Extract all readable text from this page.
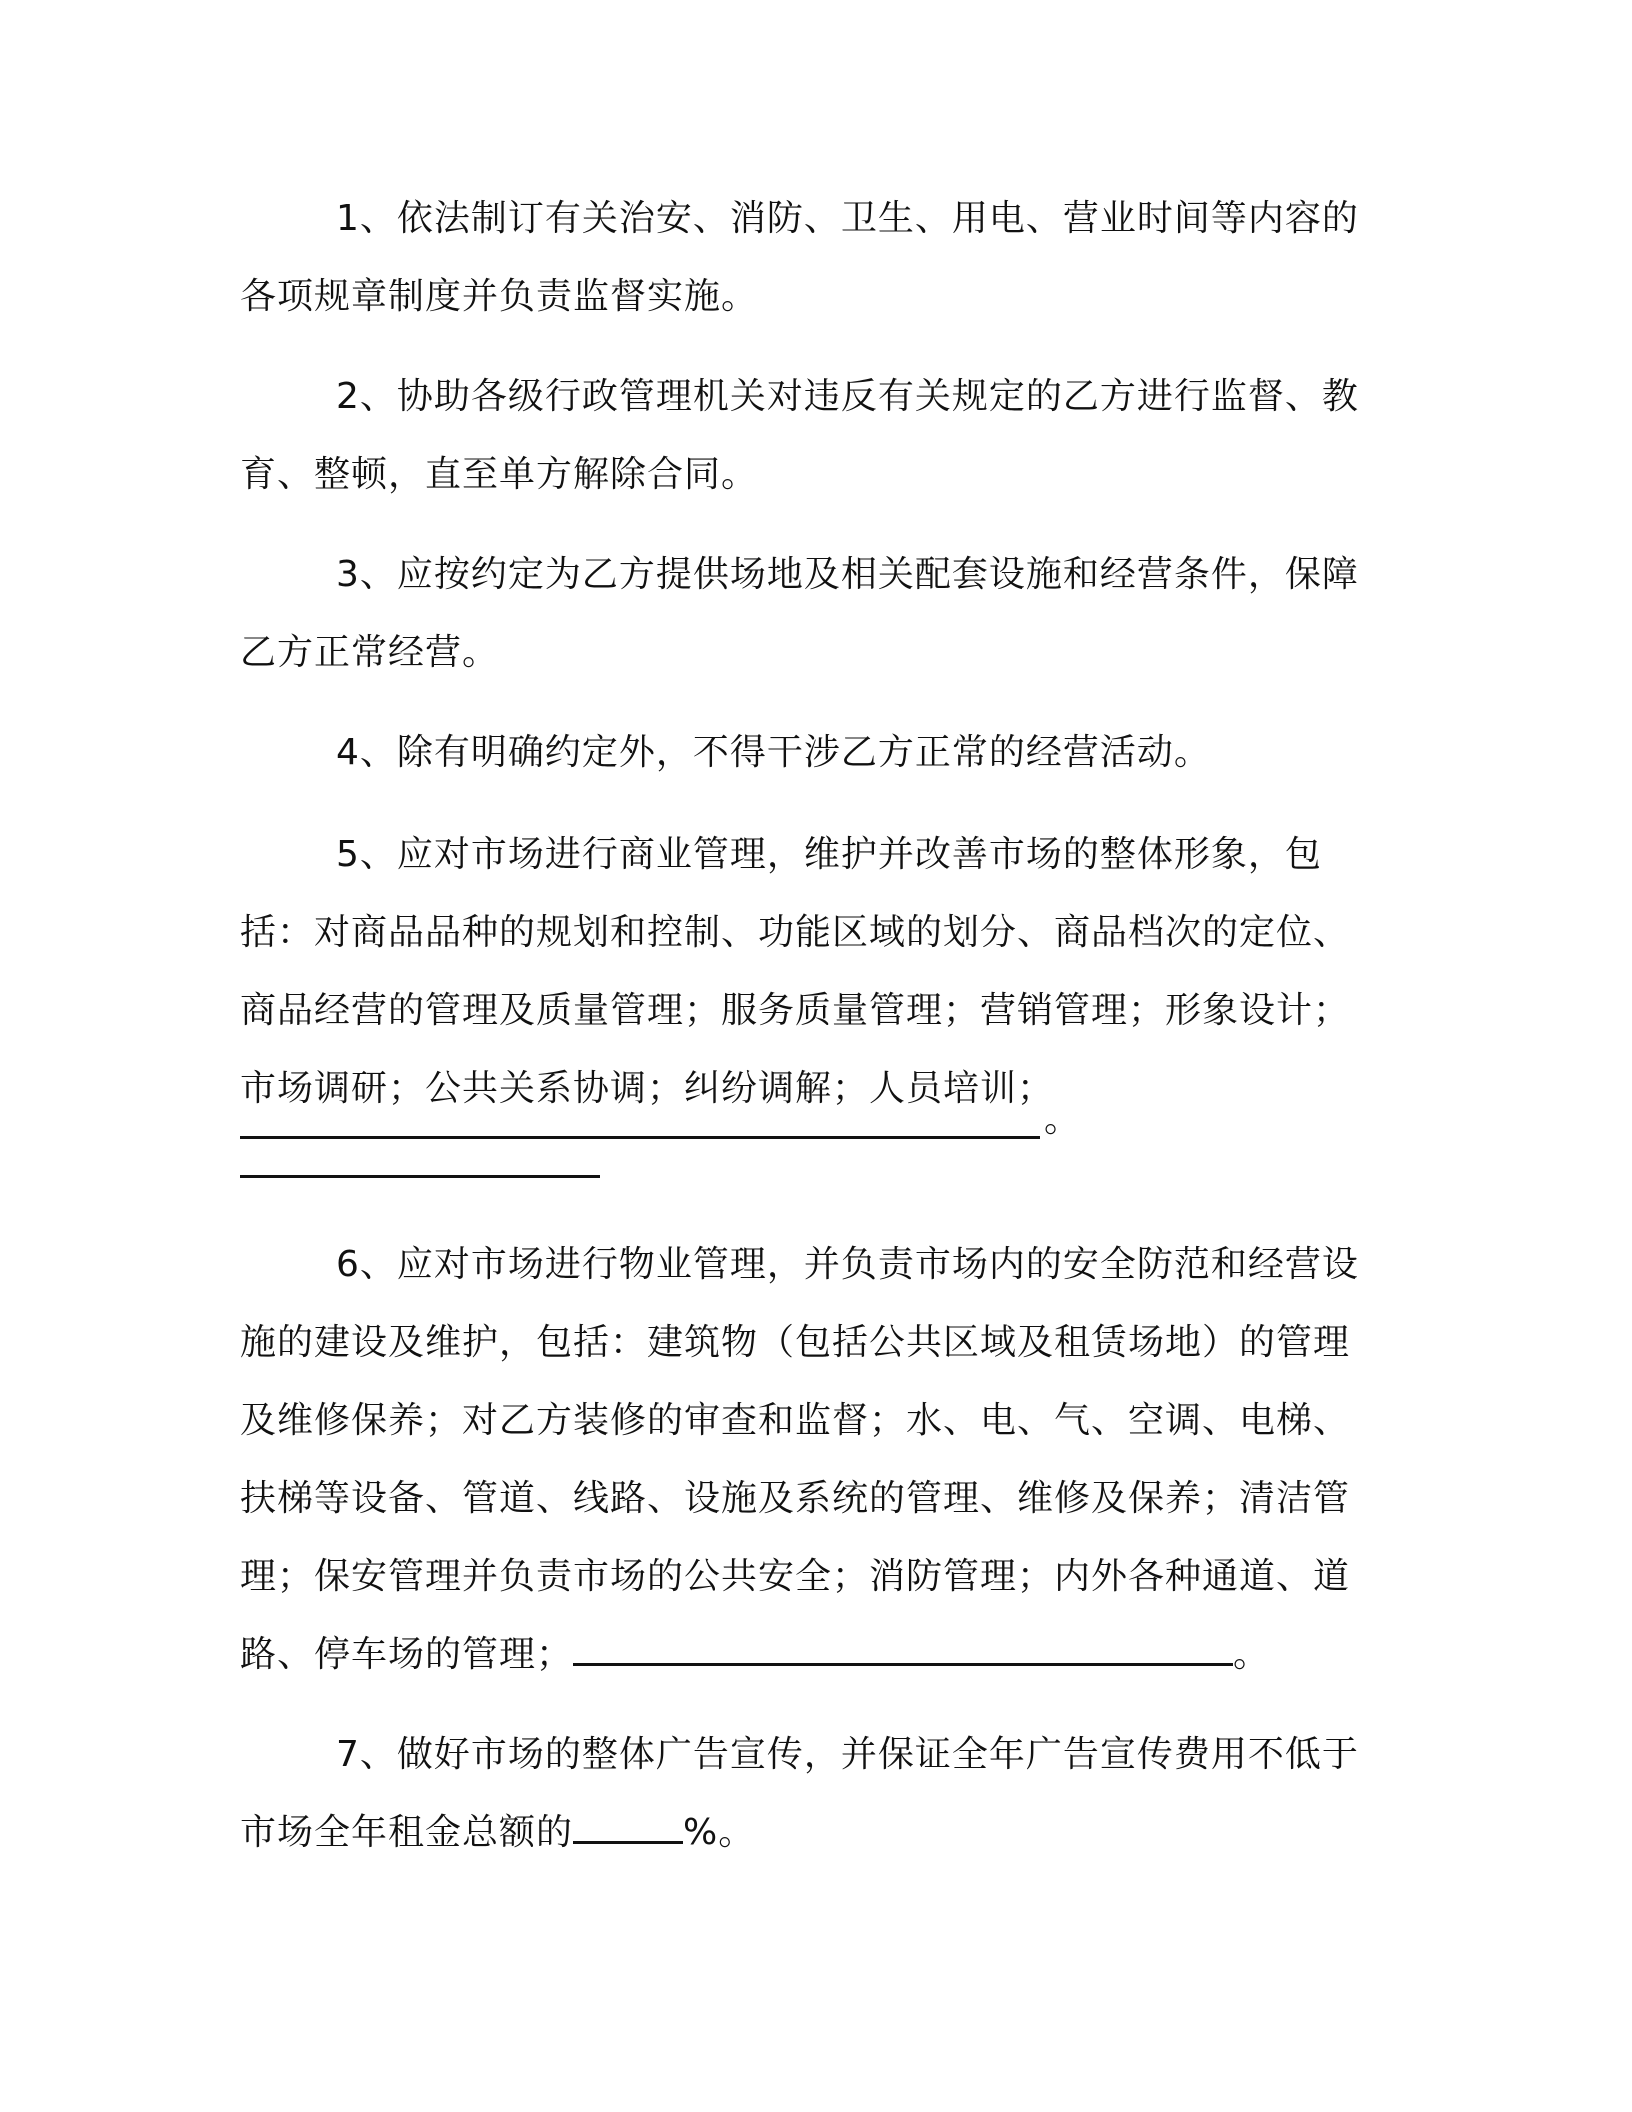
1、依法制订有关治安、消防、卫生、用电、营业时间等内容的各项规章制度并负责监督实施。

2、协助各级行政管理机关对违反有关规定的乙方进行监督、教育、整顿，直至单方解除合同。

3、应按约定为乙方提供场地及相关配套设施和经营条件，保障乙方正常经营。

4、除有明确约定外，不得干涉乙方正常的经营活动。

5、应对市场进行商业管理，维护并改善市场的整体形象，包括：对商品品种的规划和控制、功能区域的划分、商品档次的定位、商品经营的管理及质量管理；服务质量管理；营销管理；形象设计；市场调研；公共关系协调；纠纷调解；人员培训；
。
6、应对市场进行物业管理，并负责市场内的安全防范和经营设施的建设及维护，包括：建筑物（包括公共区域及租赁场地）的管理及维修保养；对乙方装修的审查和监督；水、电、气、空调、电梯、扶梯等设备、管道、线路、设施及系统的管理、维修及保养；清洁管理；保安管理并负责市场的公共安全；消防管理；内外各种通道、道路、停车场的管理；	。
7、做好市场的整体广告宣传，并保证全年广告宣传费用不低于市场全年租金总额的	%。
